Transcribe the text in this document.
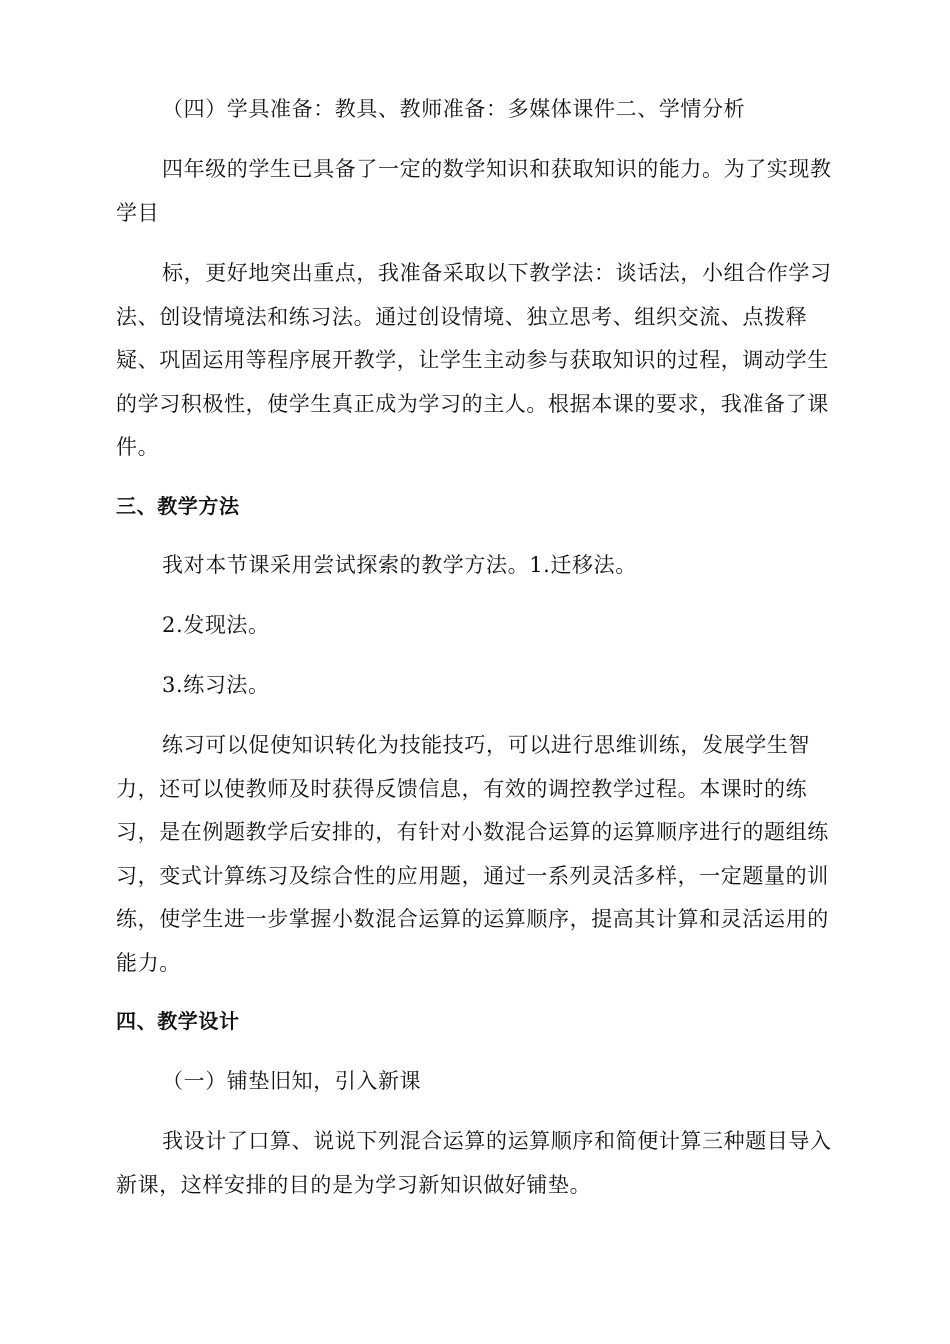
（四）学具准备：教具、教师准备：多媒体课件二、学情分析

四年级的学生已具备了一定的数学知识和获取知识的能力。为了实现教学目

标，更好地突出重点，我准备采取以下教学法：谈话法，小组合作学习法、创设情境法和练习法。通过创设情境、独立思考、组织交流、点拨释疑、巩固运用等程序展开教学，让学生主动参与获取知识的过程，调动学生的学习积极性，使学生真正成为学习的主人。根据本课的要求，我准备了课件。

三、教学方法

我对本节课采用尝试探索的教学方法。1.迁移法。

2.发现法。

3.练习法。

练习可以促使知识转化为技能技巧，可以进行思维训练，发展学生智力，还可以使教师及时获得反馈信息，有效的调控教学过程。本课时的练习，是在例题教学后安排的，有针对小数混合运算的运算顺序进行的题组练习，变式计算练习及综合性的应用题，通过一系列灵活多样，一定题量的训练，使学生进一步掌握小数混合运算的运算顺序，提高其计算和灵活运用的能力。

四、教学设计

（一）铺垫旧知，引入新课

我设计了口算、说说下列混合运算的运算顺序和简便计算三种题目导入新课，这样安排的目的是为学习新知识做好铺垫。
